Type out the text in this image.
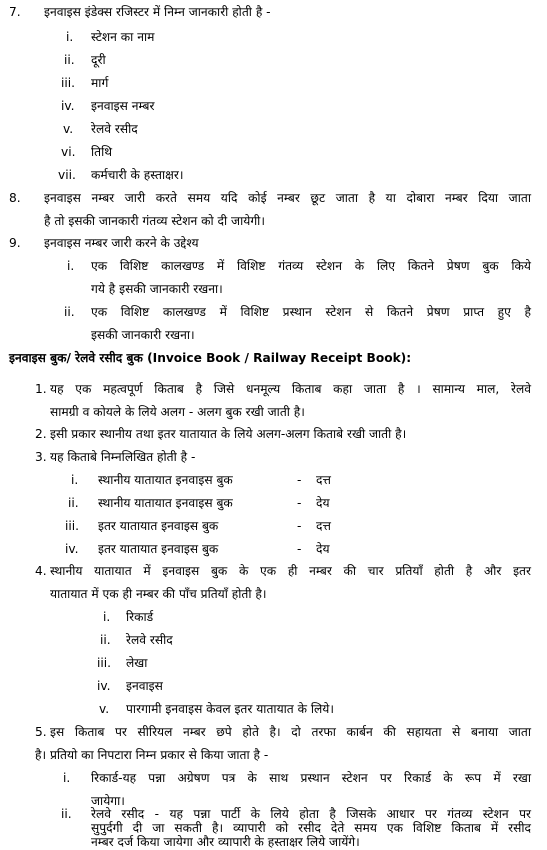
7. इनवाइस इंडेक्स रजिस्टर में निम्न जानकारी होती है -
i. स्टेशन का नाम
ii. दूरी
iii. मार्ग
iv. इनवाइस नम्बर
v. रेलवे रसीद
vi. तिथि
vii. कर्मचारी के हस्ताक्षर।
8. इनवाइस नम्बर जारी करते समय यदि कोई नम्बर छूट जाता है या दोबारा नम्बर दिया जाता
है तो इसकी जानकारी गंतव्य स्टेशन को दी जायेगी।
9. इनवाइस नम्बर जारी करने के उद्देश्य
i. एक विशिष्ट कालखण्ड में विशिष्ट गंतव्य स्टेशन के लिए कितने प्रेषण बुक किये
गये है इसकी जानकारी रखना।
ii. एक विशिष्ट कालखण्ड में विशिष्ट प्रस्थान स्टेशन से कितने प्रेषण प्राप्त हुए है
इसकी जानकारी रखना।
इनवाइस बुक/ रेलवे रसीद बुक (Invoice Book / Railway Receipt Book):
1. यह एक महत्वपूर्ण किताब है जिसे धनमूल्य किताब कहा जाता है । सामान्य माल, रेलवे
सामग्री व कोयले के लिये अलग - अलग बुक रखी जाती है।
2. इसी प्रकार स्थानीय तथा इतर यातायात के लिये अलग-अलग किताबे रखी जाती है।
3. यह किताबे निम्नलिखित होती है -
i. स्थानीय यातायात इनवाइस बुक	- दत्त
ii. स्थानीय यातायात इनवाइस बुक	- देय
iii. इतर यातायात इनवाइस बुक	- दत्त
iv. इतर यातायात इनवाइस बुक	- देय
4. स्थानीय यातायात में इनवाइस बुक के एक ही नम्बर की चार प्रतियॉं होती है और इतर
यातायात में एक ही नम्बर की पॉंच प्रतियॉं होती है।
i. रिकार्ड
ii. रेलवे रसीद
iii. लेखा
iv. इनवाइस
v. पारगामी इनवाइस केवल इतर यातायात के लिये।
5. इस किताब पर सीरियल नम्बर छपे होते है। दो तरफा कार्बन की सहायता से बनाया जाता
है। प्रतियो का निपटारा निम्न प्रकार से किया जाता है -
i. रिकार्ड-यह पन्ना अग्रेषण पत्र के साथ प्रस्थान स्टेशन पर रिकार्ड के रूप में रखा
जायेगा।
ii. रेलवे रसीद - यह पन्ना पार्टी के लिये होता है जिसके आधार पर गंतव्य स्टेशन पर
सुपुर्दगी दी जा सकती है। व्यापारी को रसीद देते समय एक विशिष्ट किताब में रसीद
नम्बर दर्ज किया जायेगा और व्यापारी के हस्ताक्षर लिये जायेंगे।
